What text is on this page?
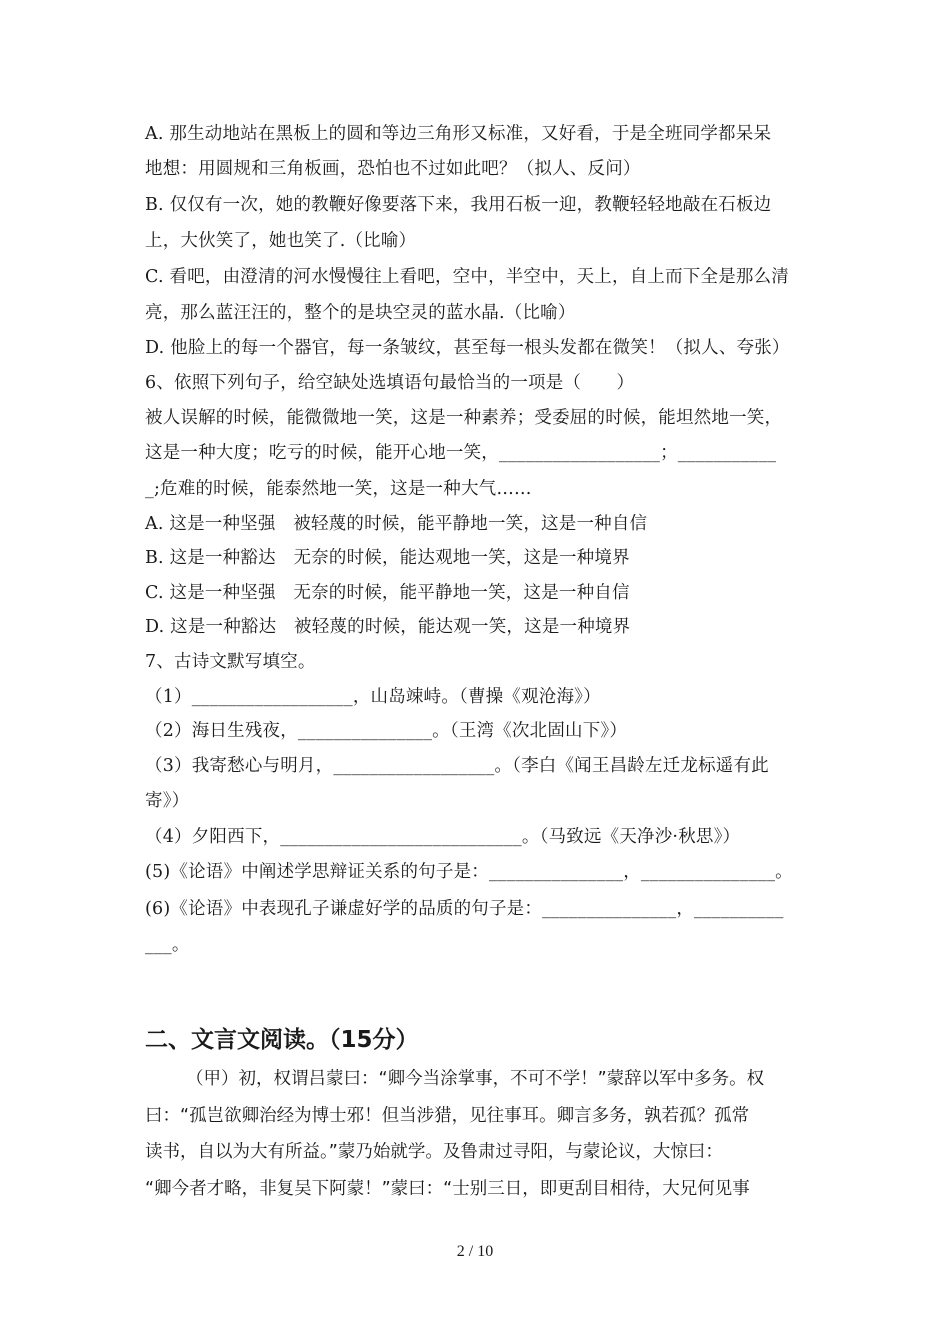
A. 那生动地站在黑板上的圆和等边三角形又标准，又好看，于是全班同学都呆呆
地想：用圆规和三角板画，恐怕也不过如此吧？（拟人、反问）
B. 仅仅有一次，她的教鞭好像要落下来，我用石板一迎，教鞭轻轻地敲在石板边
上，大伙笑了，她也笑了.（比喻）
C. 看吧，由澄清的河水慢慢往上看吧，空中，半空中，天上，自上而下全是那么清
亮，那么蓝汪汪的，整个的是块空灵的蓝水晶.（比喻）
D. 他脸上的每一个器官，每一条皱纹，甚至每一根头发都在微笑！（拟人、夸张）
6、依照下列句子，给空缺处选填语句最恰当的一项是（　　）
被人误解的时候，能微微地一笑，这是一种素养；受委屈的时候，能坦然地一笑，
这是一种大度；吃亏的时候，能开心地一笑，__________________；___________
_;危难的时候，能泰然地一笑，这是一种大气……
A. 这是一种坚强　被轻蔑的时候，能平静地一笑，这是一种自信
B. 这是一种豁达　无奈的时候，能达观地一笑，这是一种境界
C. 这是一种坚强　无奈的时候，能平静地一笑，这是一种自信
D. 这是一种豁达　被轻蔑的时候，能达观一笑，这是一种境界
7、古诗文默写填空。
（1）__________________，山岛竦峙。（曹操《观沧海》）
（2）海日生残夜，_______________。（王湾《次北固山下》）
（3）我寄愁心与明月，__________________。（李白《闻王昌龄左迁龙标遥有此
寄》）
（4）夕阳西下，___________________________。（马致远《天净沙·秋思》）
(5)《论语》中阐述学思辩证关系的句子是：_______________，_______________。
(6)《论语》中表现孔子谦虚好学的品质的句子是：_______________，__________
___。
二、文言文阅读。（15分）
（甲）初，权谓吕蒙曰：“卿今当涂掌事，不可不学！”蒙辞以军中多务。权
曰：“孤岂欲卿治经为博士邪！但当涉猎，见往事耳。卿言多务，孰若孤？孤常
读书，自以为大有所益。”蒙乃始就学。及鲁肃过寻阳，与蒙论议，大惊曰：
“卿今者才略，非复吴下阿蒙！”蒙曰：“士别三日，即更刮目相待，大兄何见事
2 / 10
